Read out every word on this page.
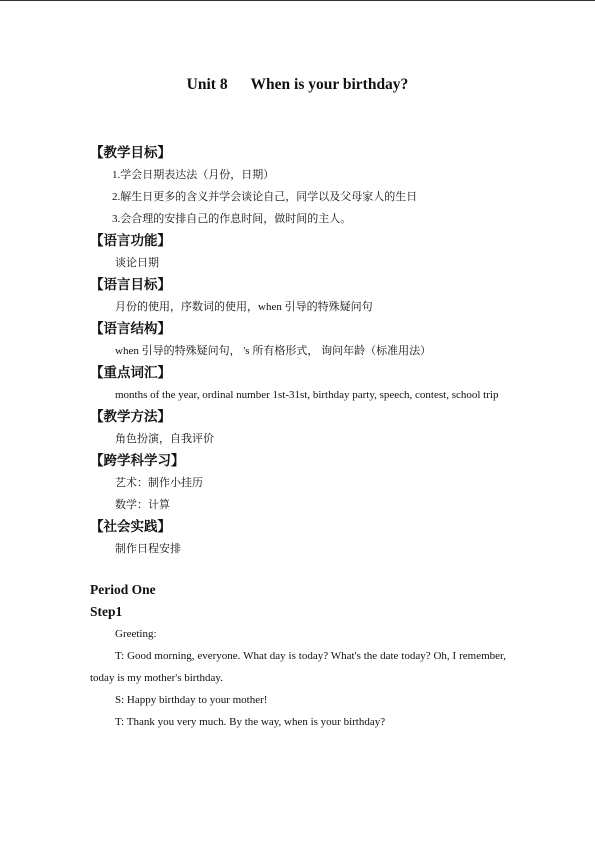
Unit 8      When is your birthday?
【教学目标】
1.学会日期表达法（月份，日期）
2.解生日更多的含义并学会谈论自己，同学以及父母家人的生日
3.会合理的安排自己的作息时间，做时间的主人。
【语言功能】
谈论日期
【语言目标】
月份的使用，序数词的使用，when 引导的特殊疑问句
【语言结构】
when 引导的特殊疑问句， 's 所有格形式， 询问年龄（标准用法）
【重点词汇】
months of the year, ordinal number 1st-31st, birthday party, speech, contest, school trip
【教学方法】
角色扮演，自我评价
【跨学科学习】
艺术：制作小挂历
数学：计算
【社会实践】
制作日程安排
Period One
Step1
Greeting:
T: Good morning, everyone. What day is today? What's the date today? Oh, I remember, today is my mother's birthday.
S: Happy birthday to your mother!
T: Thank you very much. By the way, when is your birthday?
